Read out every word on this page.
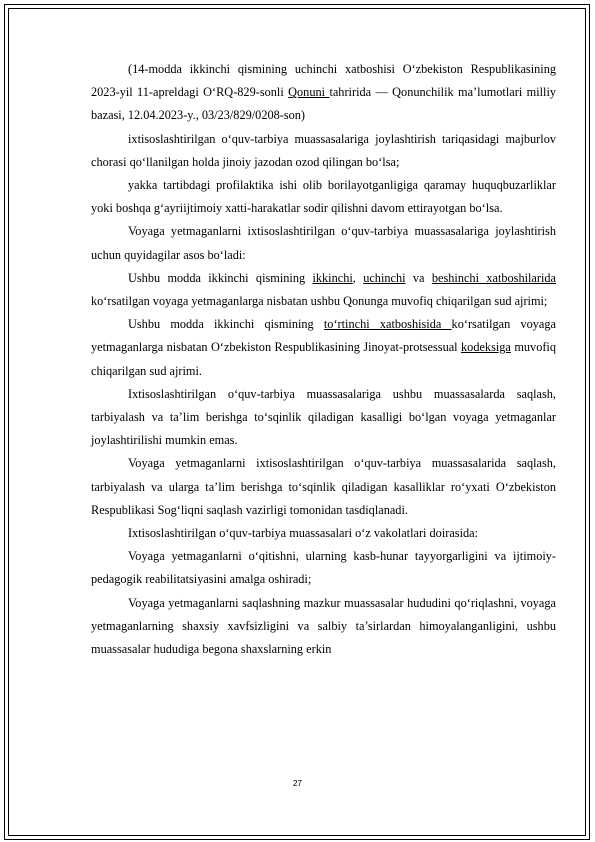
(14-modda ikkinchi qismining uchinchi xatboshisi O‘zbekiston Respublikasining 2023-yil 11-apreldagi O‘RQ-829-sonli Qonuni tahririda — Qonunchilik ma’lumotlari milliy bazasi, 12.04.2023-y., 03/23/829/0208-son)

ixtisoslashtirilgan o‘quv-tarbiya muassasalariga joylashtirish tariqasidagi majburlov chorasi qo‘llanilgan holda jinoiy jazodan ozod qilingan bo‘lsa;

yakka tartibdagi profilaktika ishi olib borilayotganligiga qaramay huquqbuzarliklar yoki boshqa g‘ayriijtimoiy xatti-harakatlar sodir qilishni davom ettirayotgan bo‘lsa.

Voyaga yetmaganlarni ixtisoslashtirilgan o‘quv-tarbiya muassasalariga joylashtirish uchun quyidagilar asos bo‘ladi:

Ushbu modda ikkinchi qismining ikkinchi, uchinchi va beshinchi xatboshilarida ko‘rsatilgan voyaga yetmaganlarga nisbatan ushbu Qonunga muvofiq chiqarilgan sud ajrimi;

Ushbu modda ikkinchi qismining to‘rtinchi xatboshisida ko‘rsatilgan voyaga yetmaganlarga nisbatan O‘zbekiston Respublikasining Jinoyat-protsessual kodeksiga muvofiq chiqarilgan sud ajrimi.

Ixtisoslashtirilgan o‘quv-tarbiya muassasalariga ushbu muassasalarda saqlash, tarbiyalash va ta’lim berishga to‘sqinlik qiladigan kasalligi bo‘lgan voyaga yetmaganlar joylashtirilishi mumkin emas.

Voyaga yetmaganlarni ixtisoslashtirilgan o‘quv-tarbiya muassasalarida saqlash, tarbiyalash va ularga ta’lim berishga to‘sqinlik qiladigan kasalliklar ro‘yxati O‘zbekiston Respublikasi Sog‘liqni saqlash vazirligi tomonidan tasdiqlanadi.

Ixtisoslashtirilgan o‘quv-tarbiya muassasalari o‘z vakolatlari doirasida:

Voyaga yetmaganlarni o‘qitishni, ularning kasb-hunar tayyorgarligini va ijtimoiy-pedagogik reabilitatsiyasini amalga oshiradi;

Voyaga yetmaganlarni saqlashning mazkur muassasalar hududini qo‘riqlashni, voyaga yetmaganlarning shaxsiy xavfsizligini va salbiy ta’sirlardan himoyalanganligini, ushbu muassasalar hududiga begona shaxslarning erkin

27
